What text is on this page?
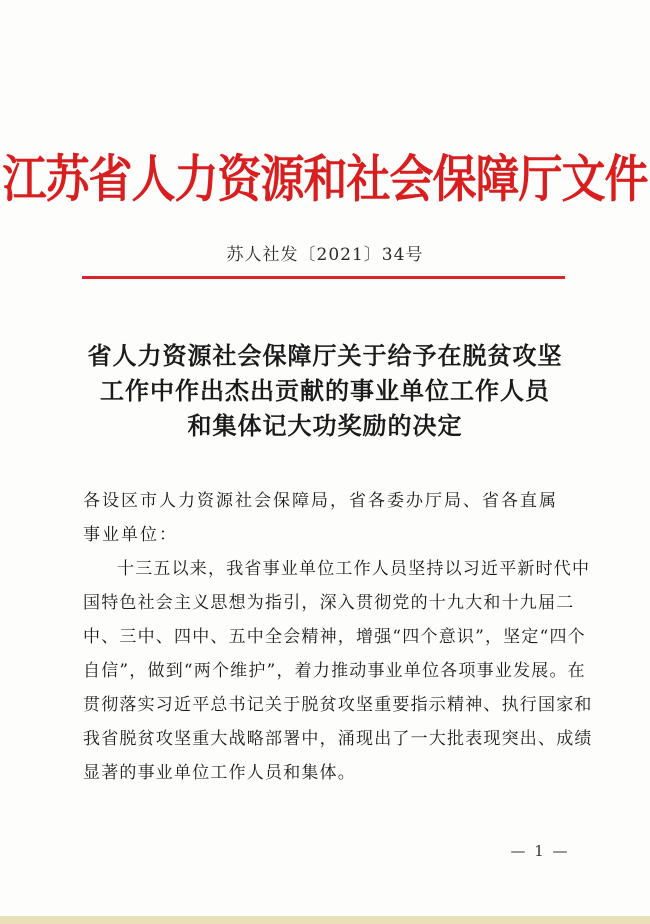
江苏省人力资源和社会保障厅文件
苏人社发〔2021〕34号
省人力资源社会保障厅关于给予在脱贫攻坚
工作中作出杰出贡献的事业单位工作人员
和集体记大功奖励的决定
各设区市人力资源社会保障局，省各委办厅局、省各直属事业单位：
十三五以来，我省事业单位工作人员坚持以习近平新时代中
国特色社会主义思想为指引，深入贯彻党的十九大和十九届二
中、三中、四中、五中全会精神，增强“四个意识”，坚定“四个
自信”，做到“两个维护”，着力推动事业单位各项事业发展。在
贯彻落实习近平总书记关于脱贫攻坚重要指示精神、执行国家和
我省脱贫攻坚重大战略部署中，涌现出了一大批表现突出、成绩
显著的事业单位工作人员和集体。
— 1 —
